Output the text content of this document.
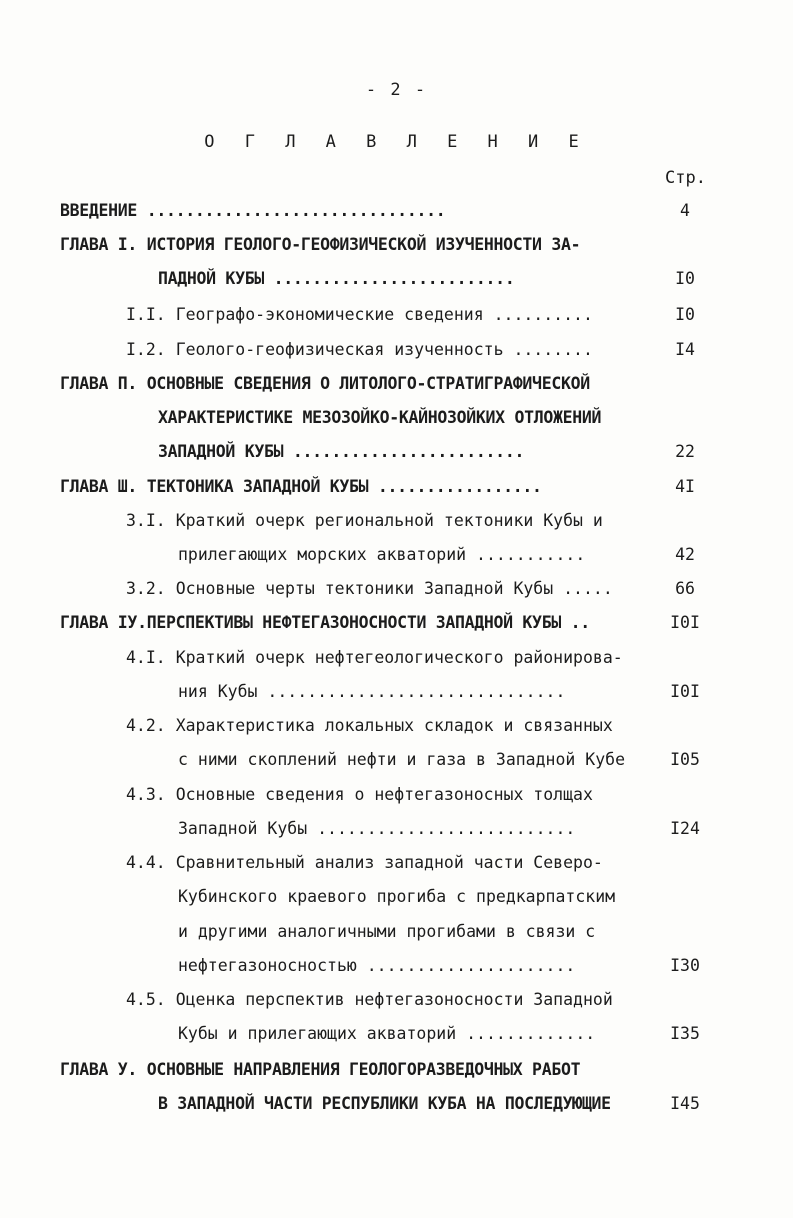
- 2 -
О Г Л А В Л Е Н И Е
Стр.
ВВЕДЕНИЕ ...............................	4
ГЛАВА I. ИСТОРИЯ ГЕОЛОГО-ГЕОФИЗИЧЕСКОЙ ИЗУЧЕННОСТИ ЗА-
ПАДНОЙ КУБЫ .........................	I0
I.I. Географо-экономические сведения ..........	I0
I.2. Геолого-геофизическая изученность ........	I4
ГЛАВА П. ОСНОВНЫЕ СВЕДЕНИЯ О ЛИТОЛОГО-СТРАТИГРАФИЧЕСКОЙ
ХАРАКТЕРИСТИКЕ МЕЗОЗОЙКО-КАЙНОЗОЙКИХ ОТЛОЖЕНИЙ
ЗАПАДНОЙ КУБЫ ........................	22
ГЛАВА Ш. ТЕКТОНИКА ЗАПАДНОЙ КУБЫ .................	4I
3.I. Краткий очерк региональной тектоники Кубы и
прилегающих морских акваторий ...........	42
3.2. Основные черты тектоники Западной Кубы .....	66
ГЛАВА IУ.ПЕРСПЕКТИВЫ НЕФТЕГАЗОНОСНОСТИ ЗАПАДНОЙ КУБЫ ..	I0I
4.I. Краткий очерк нефтегеологического районирова-
ния Кубы ..............................	I0I
4.2. Характеристика локальных складок и связанных
с ними скоплений нефти и газа в Западной Кубе	I05
4.3. Основные сведения о нефтегазоносных толщах
Западной Кубы ..........................	I24
4.4. Сравнительный анализ западной части Северо-
Кубинского краевого прогиба с предкарпатским
и другими аналогичными прогибами в связи с
нефтегазоносностью .....................	I30
4.5. Оценка перспектив нефтегазоносности Западной
Кубы и прилегающих акваторий .............	I35
ГЛАВА У. ОСНОВНЫЕ НАПРАВЛЕНИЯ ГЕОЛОГОРАЗВЕДОЧНЫХ РАБОТ
В ЗАПАДНОЙ ЧАСТИ РЕСПУБЛИКИ КУБА НА ПОСЛЕДУЮЩИЕ	I45
